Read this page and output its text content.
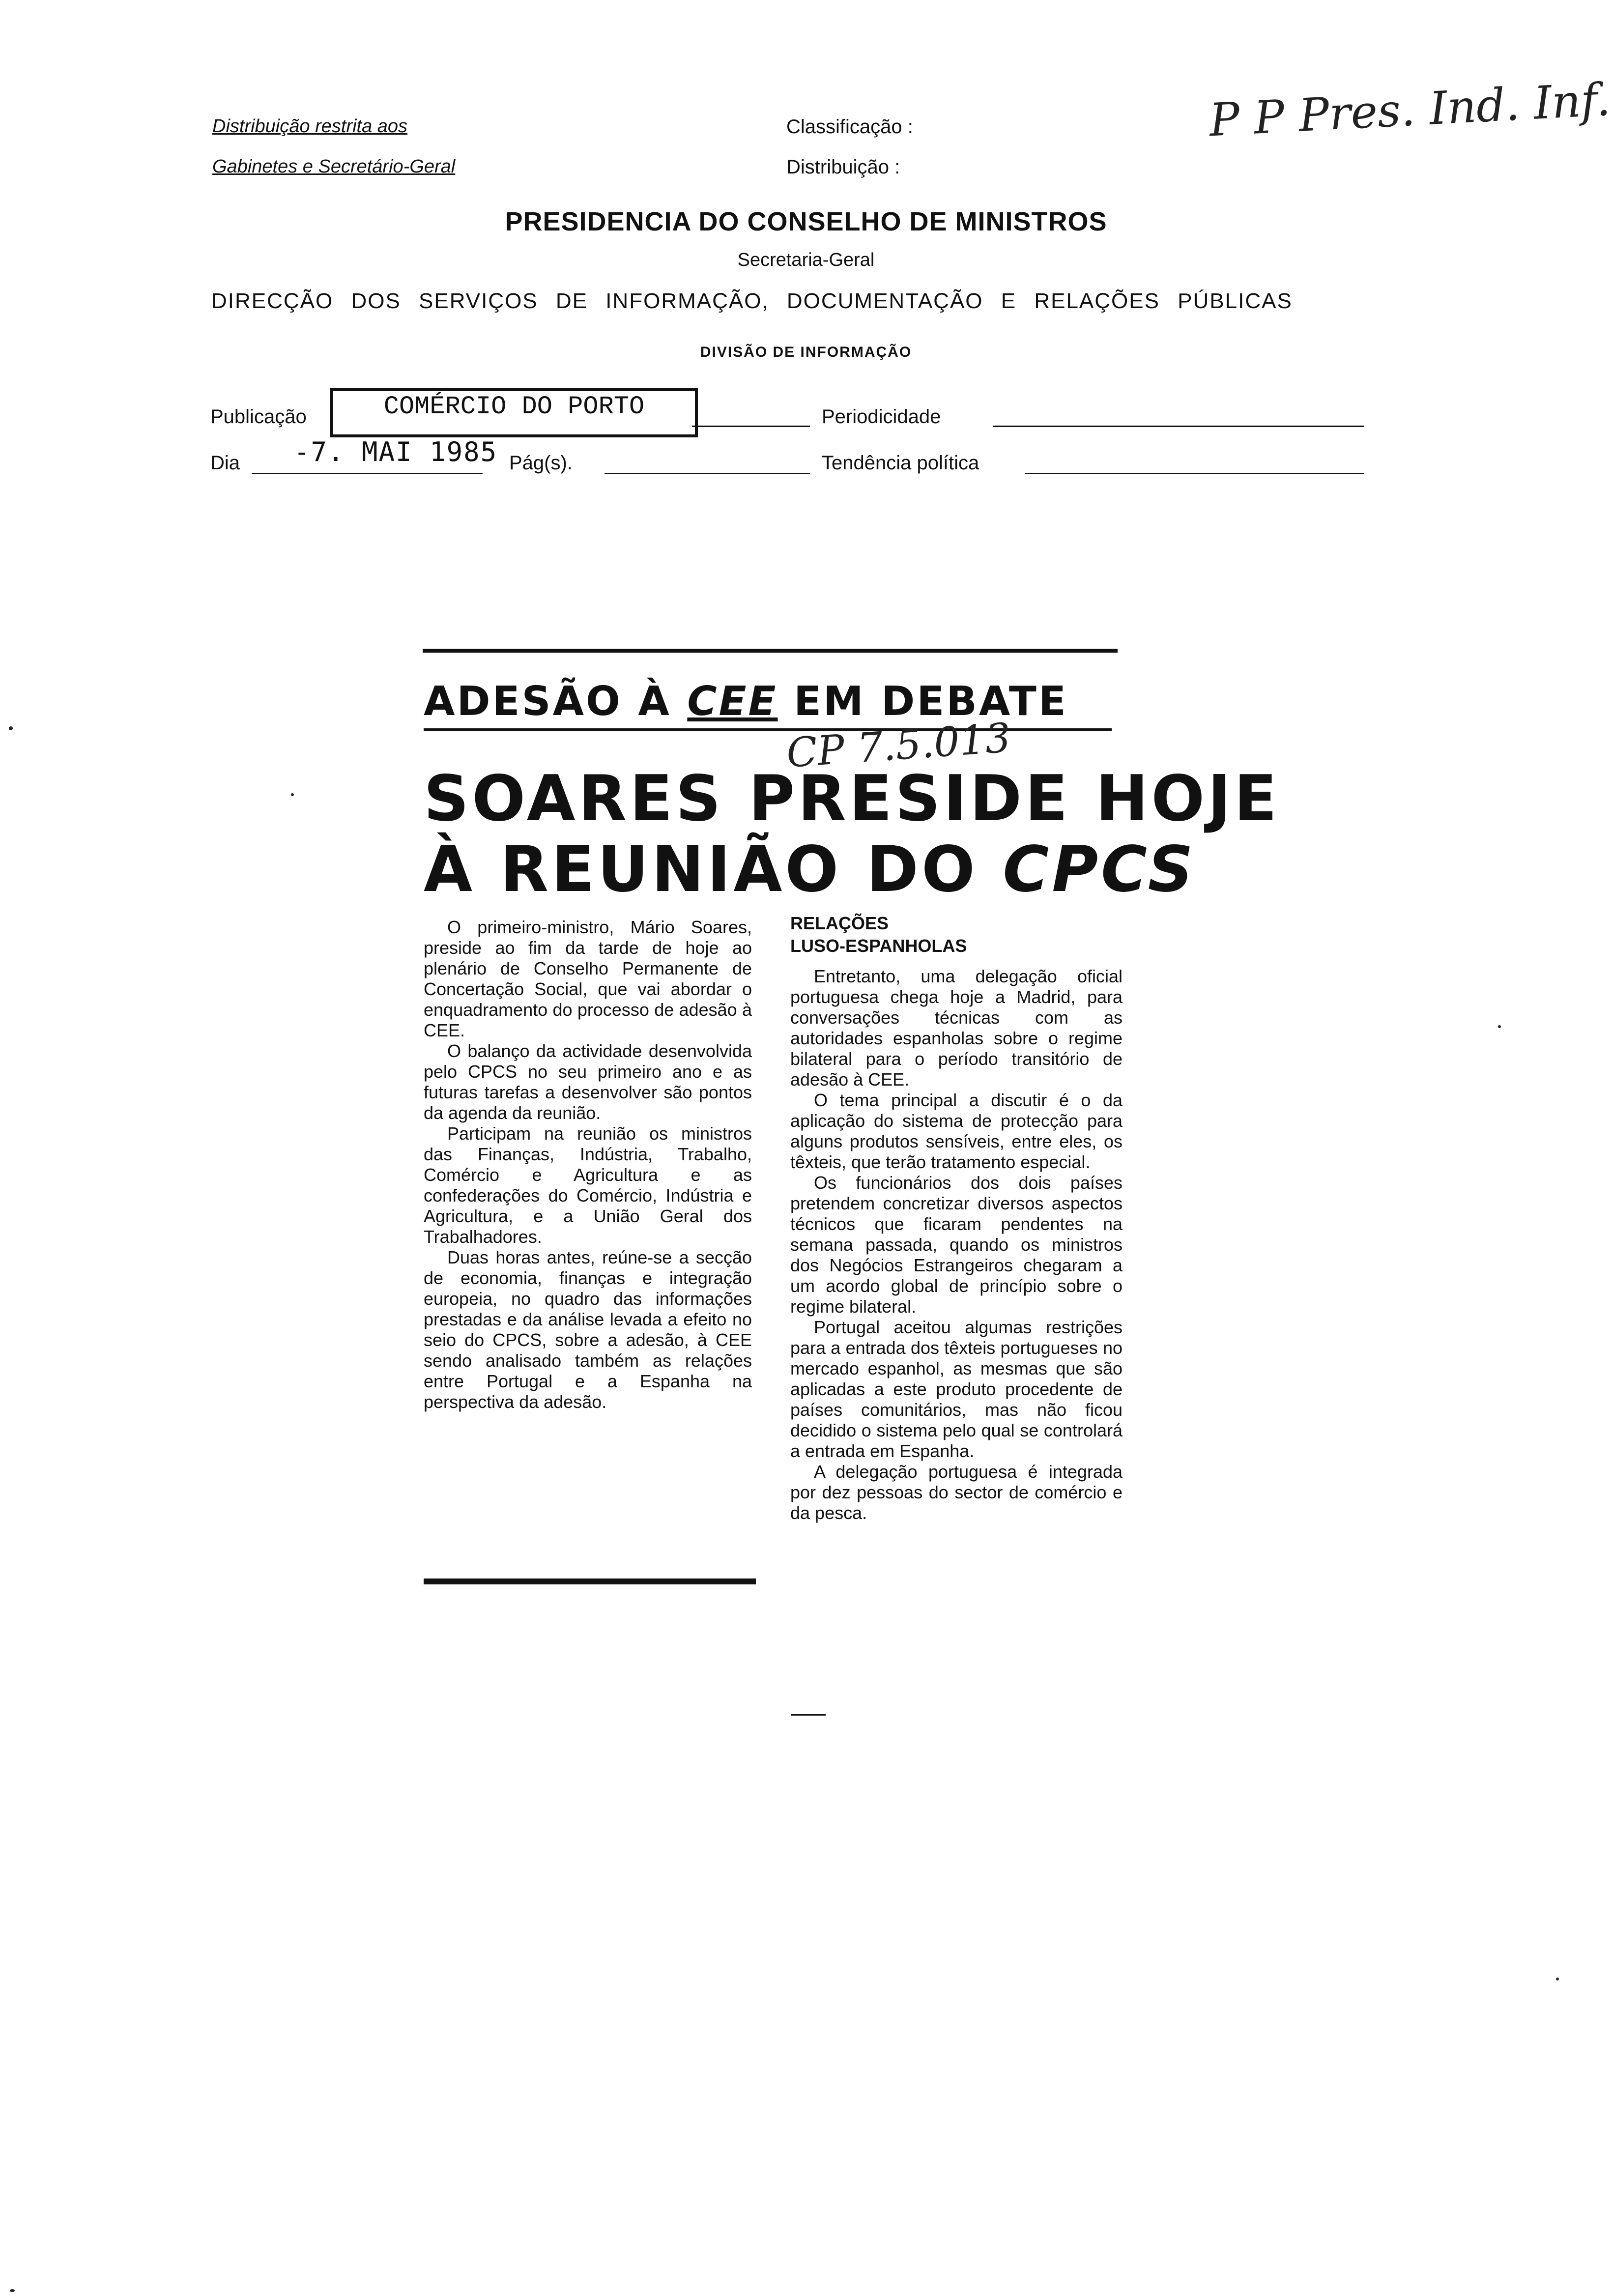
Distribuição restrita aos
Gabinetes e Secretário-Geral
Classificação :
Distribuição :
P P Pres. Ind. Inf.
PRESIDENCIA DO CONSELHO DE MINISTROS
Secretaria-Geral
DIRECÇÃO DOS SERVIÇOS DE INFORMAÇÃO, DOCUMENTAÇÃO E RELAÇÕES PÚBLICAS
DIVISÃO DE INFORMAÇÃO
Publicação	COMÉRCIO DO PORTO	Periodicidade
Dia -7. MAI 1985 Pág(s).	Tendência política
ADESÃO À CEE EM DEBATE
CP 7.5.013
SOARES PRESIDE HOJE
À REUNIÃO DO CPCS

O primeiro-ministro, Mário Soares, preside ao fim da tarde de hoje ao plenário de Conselho Permanente de Concertação Social, que vai abordar o enquadramento do processo de adesão à CEE.

O balanço da actividade desenvolvida pelo CPCS no seu primeiro ano e as futuras tarefas a desenvolver são pontos da agenda da reunião.

Participam na reunião os ministros das Finanças, Indústria, Trabalho, Comércio e Agricultura e as confederações do Comércio, Indústria e Agricultura, e a União Geral dos Trabalhadores.

Duas horas antes, reúne-se a secção de economia, finanças e integração europeia, no quadro das informações prestadas e da análise levada a efeito no seio do CPCS, sobre a adesão, à CEE sendo analisado também as relações entre Portugal e a Espanha na perspectiva da adesão.

RELAÇÕES
LUSO-ESPANHOLAS

Entretanto, uma delegação oficial portuguesa chega hoje a Madrid, para conversações técnicas com as autoridades espanholas sobre o regime bilateral para o período transitório de adesão à CEE.

O tema principal a discutir é o da aplicação do sistema de protecção para alguns produtos sensíveis, entre eles, os têxteis, que terão tratamento especial.

Os funcionários dos dois países pretendem concretizar diversos aspectos técnicos que ficaram pendentes na semana passada, quando os ministros dos Negócios Estrangeiros chegaram a um acordo global de princípio sobre o regime bilateral.

Portugal aceitou algumas restrições para a entrada dos têxteis portugueses no mercado espanhol, as mesmas que são aplicadas a este produto procedente de países comunitários, mas não ficou decidido o sistema pelo qual se controlará a entrada em Espanha.

A delegação portuguesa é integrada por dez pessoas do sector de comércio e da pesca.
